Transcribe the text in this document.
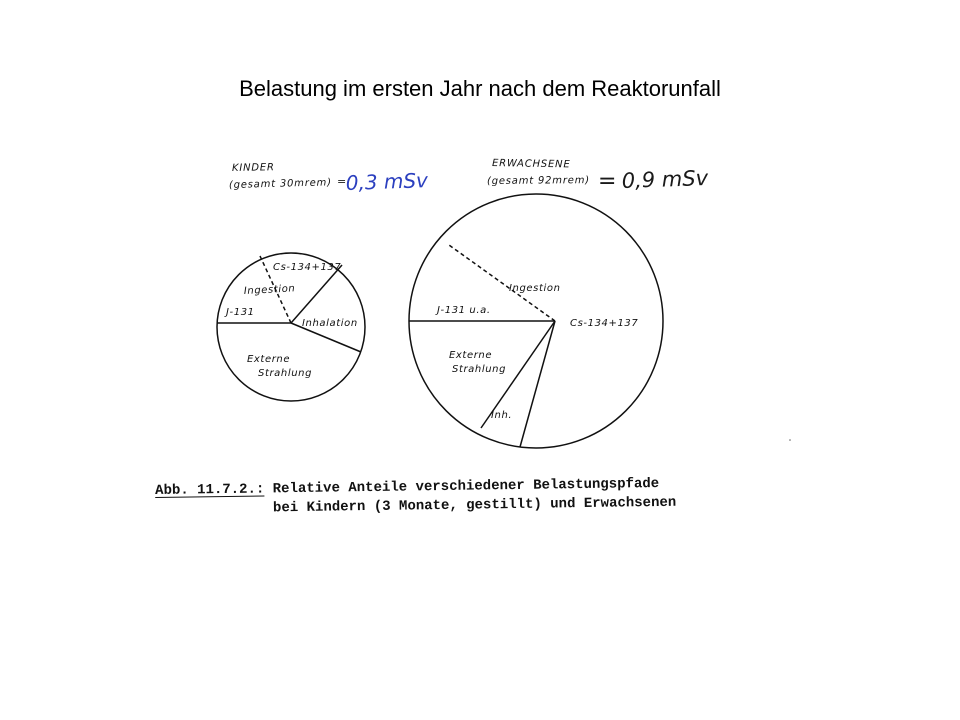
Belastung im ersten Jahr nach dem Reaktorunfall
KINDER
(gesamt 30mrem) = 0,3 mSv
ERWACHSENE
(gesamt 92mrem) = 0,9 mSv
Ingestion
Cs-134+137
J-131
Inhalation
Externe
Strahlung
Ingestion
J-131 u.a.
Cs-134+137
Externe
Strahlung
Inh.
Abb. 11.7.2.: Relative Anteile verschiedener Belastungspfade
bei Kindern (3 Monate, gestillt) und Erwachsenen
